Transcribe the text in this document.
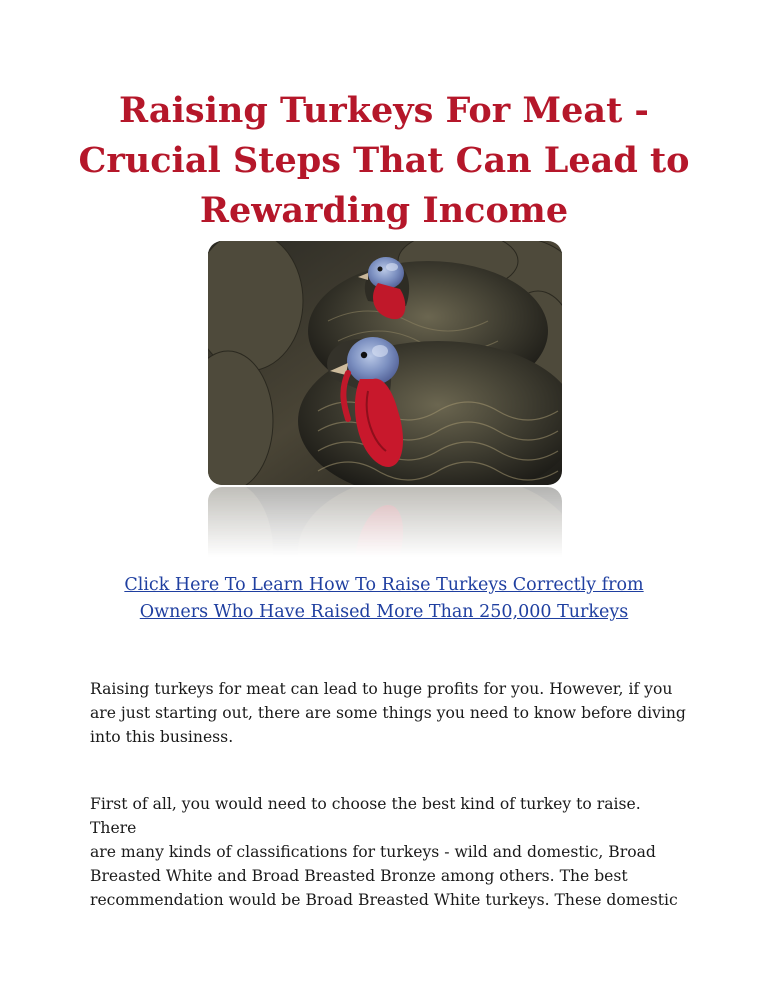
Raising Turkeys For Meat -
Crucial Steps That Can Lead to
Rewarding Income

Click Here To Learn How To Raise Turkeys Correctly from
Owners Who Have Raised More Than 250,000 Turkeys

Raising turkeys for meat can lead to huge profits for you. However, if you
are just starting out, there are some things you need to know before diving
into this business.

First of all, you would need to choose the best kind of turkey to raise. There
are many kinds of classifications for turkeys - wild and domestic, Broad
Breasted White and Broad Breasted Bronze among others. The best
recommendation would be Broad Breasted White turkeys. These domestic
